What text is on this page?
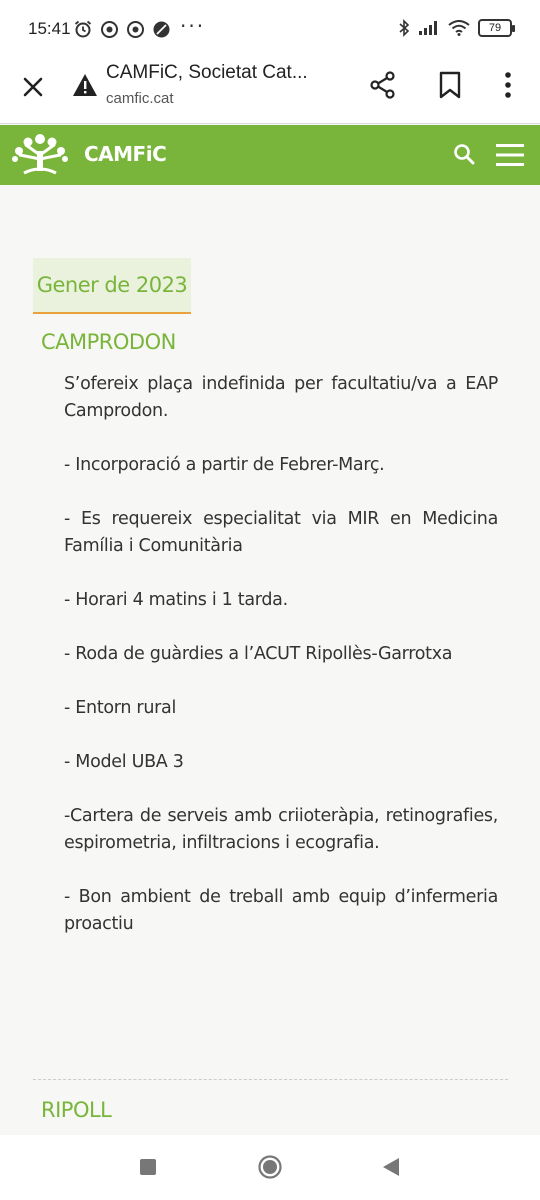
15:41	···	79
CAMFiC, Societat Cat...
camfic.cat
CAMFiC
Gener de 2023
CAMPRODON

S’ofereix plaça indefinida per facultatiu/va a EAP Camprodon.

- Incorporació a partir de Febrer-Març.

- Es requereix especialitat via MIR en Medicina Família i Comunitària

- Horari 4 matins i 1 tarda.

- Roda de guàrdies a l’ACUT Ripollès-Garrotxa

- Entorn rural

- Model UBA 3

-Cartera de serveis amb criioteràpia, retinografies, espirometria, infiltracions i ecografia.

- Bon ambient de treball amb equip d’infermeria proactiu

RIPOLL
